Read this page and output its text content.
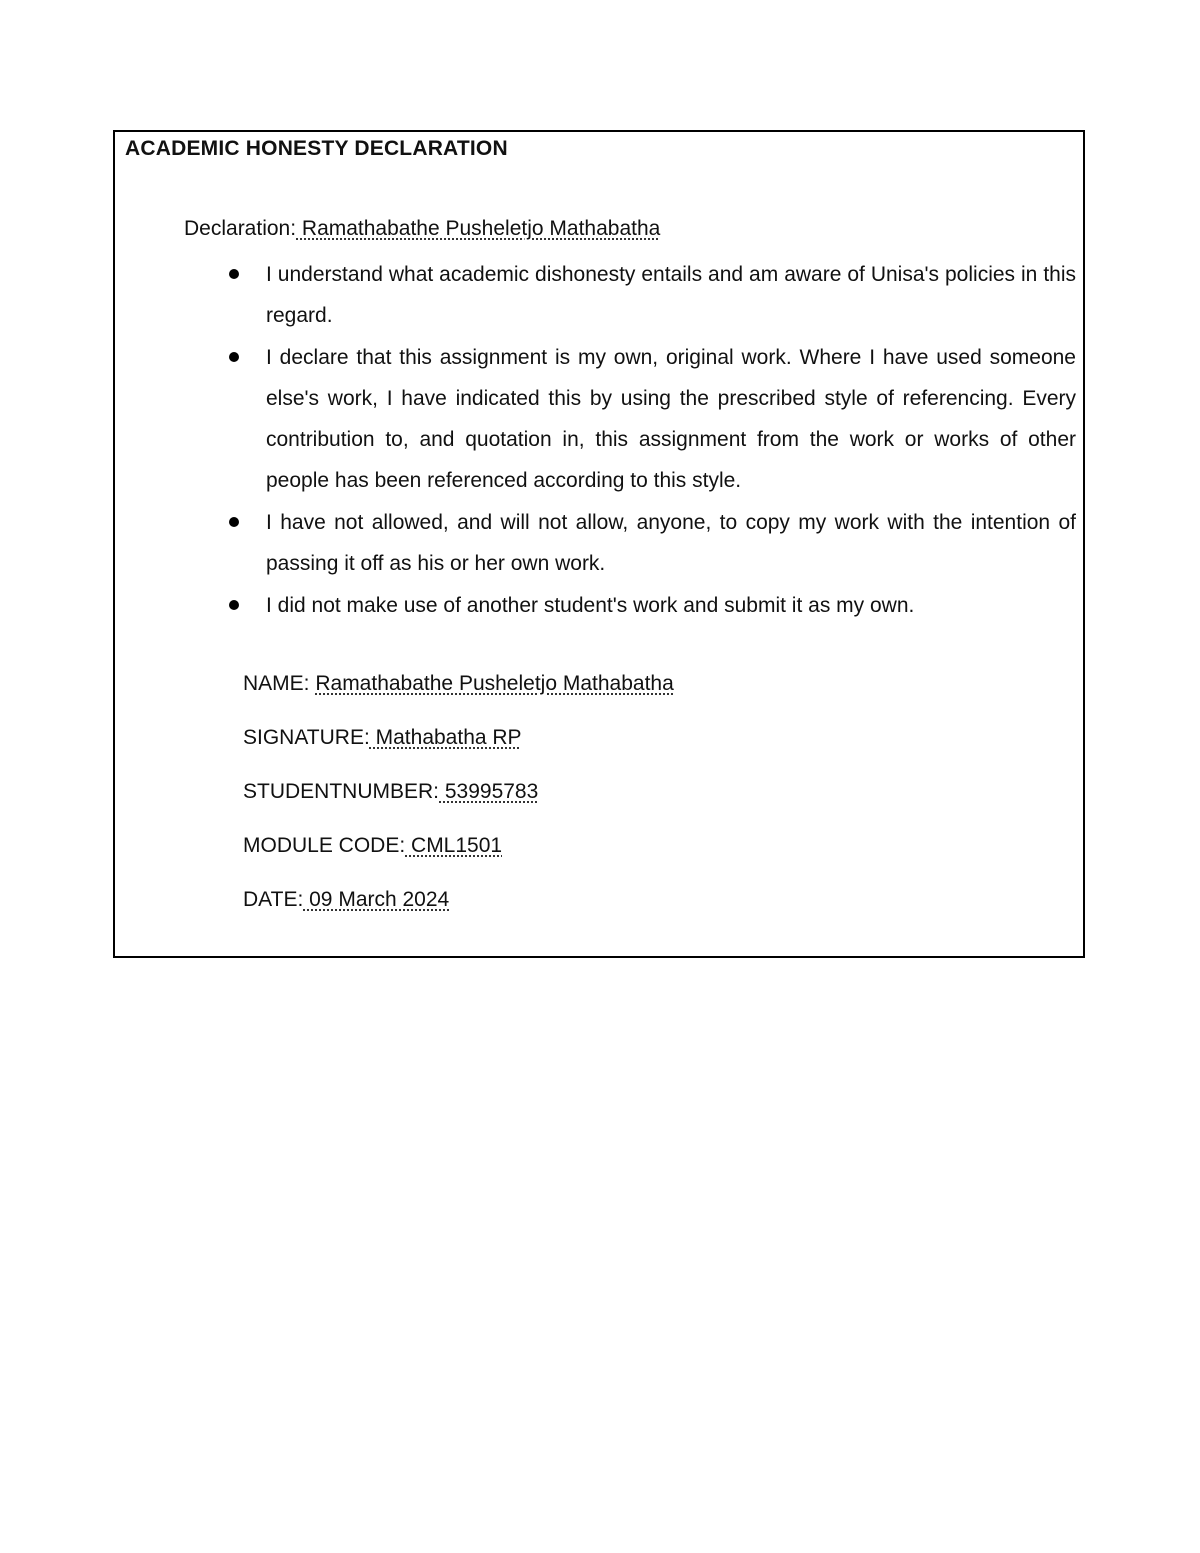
ACADEMIC HONESTY DECLARATION
Declaration: Ramathabathe Pusheletjo Mathabatha
I understand what academic dishonesty entails and am aware of Unisa's policies in this regard.
I declare that this assignment is my own, original work. Where I have used someone else's work, I have indicated this by using the prescribed style of referencing. Every contribution to, and quotation in, this assignment from the work or works of other people has been referenced according to this style.
I have not allowed, and will not allow, anyone, to copy my work with the intention of passing it off as his or her own work.
I did not make use of another student's work and submit it as my own.
NAME: Ramathabathe Pusheletjo Mathabatha
SIGNATURE: Mathabatha RP
STUDENTNUMBER: 53995783
MODULE CODE: CML1501
DATE: 09 March 2024
